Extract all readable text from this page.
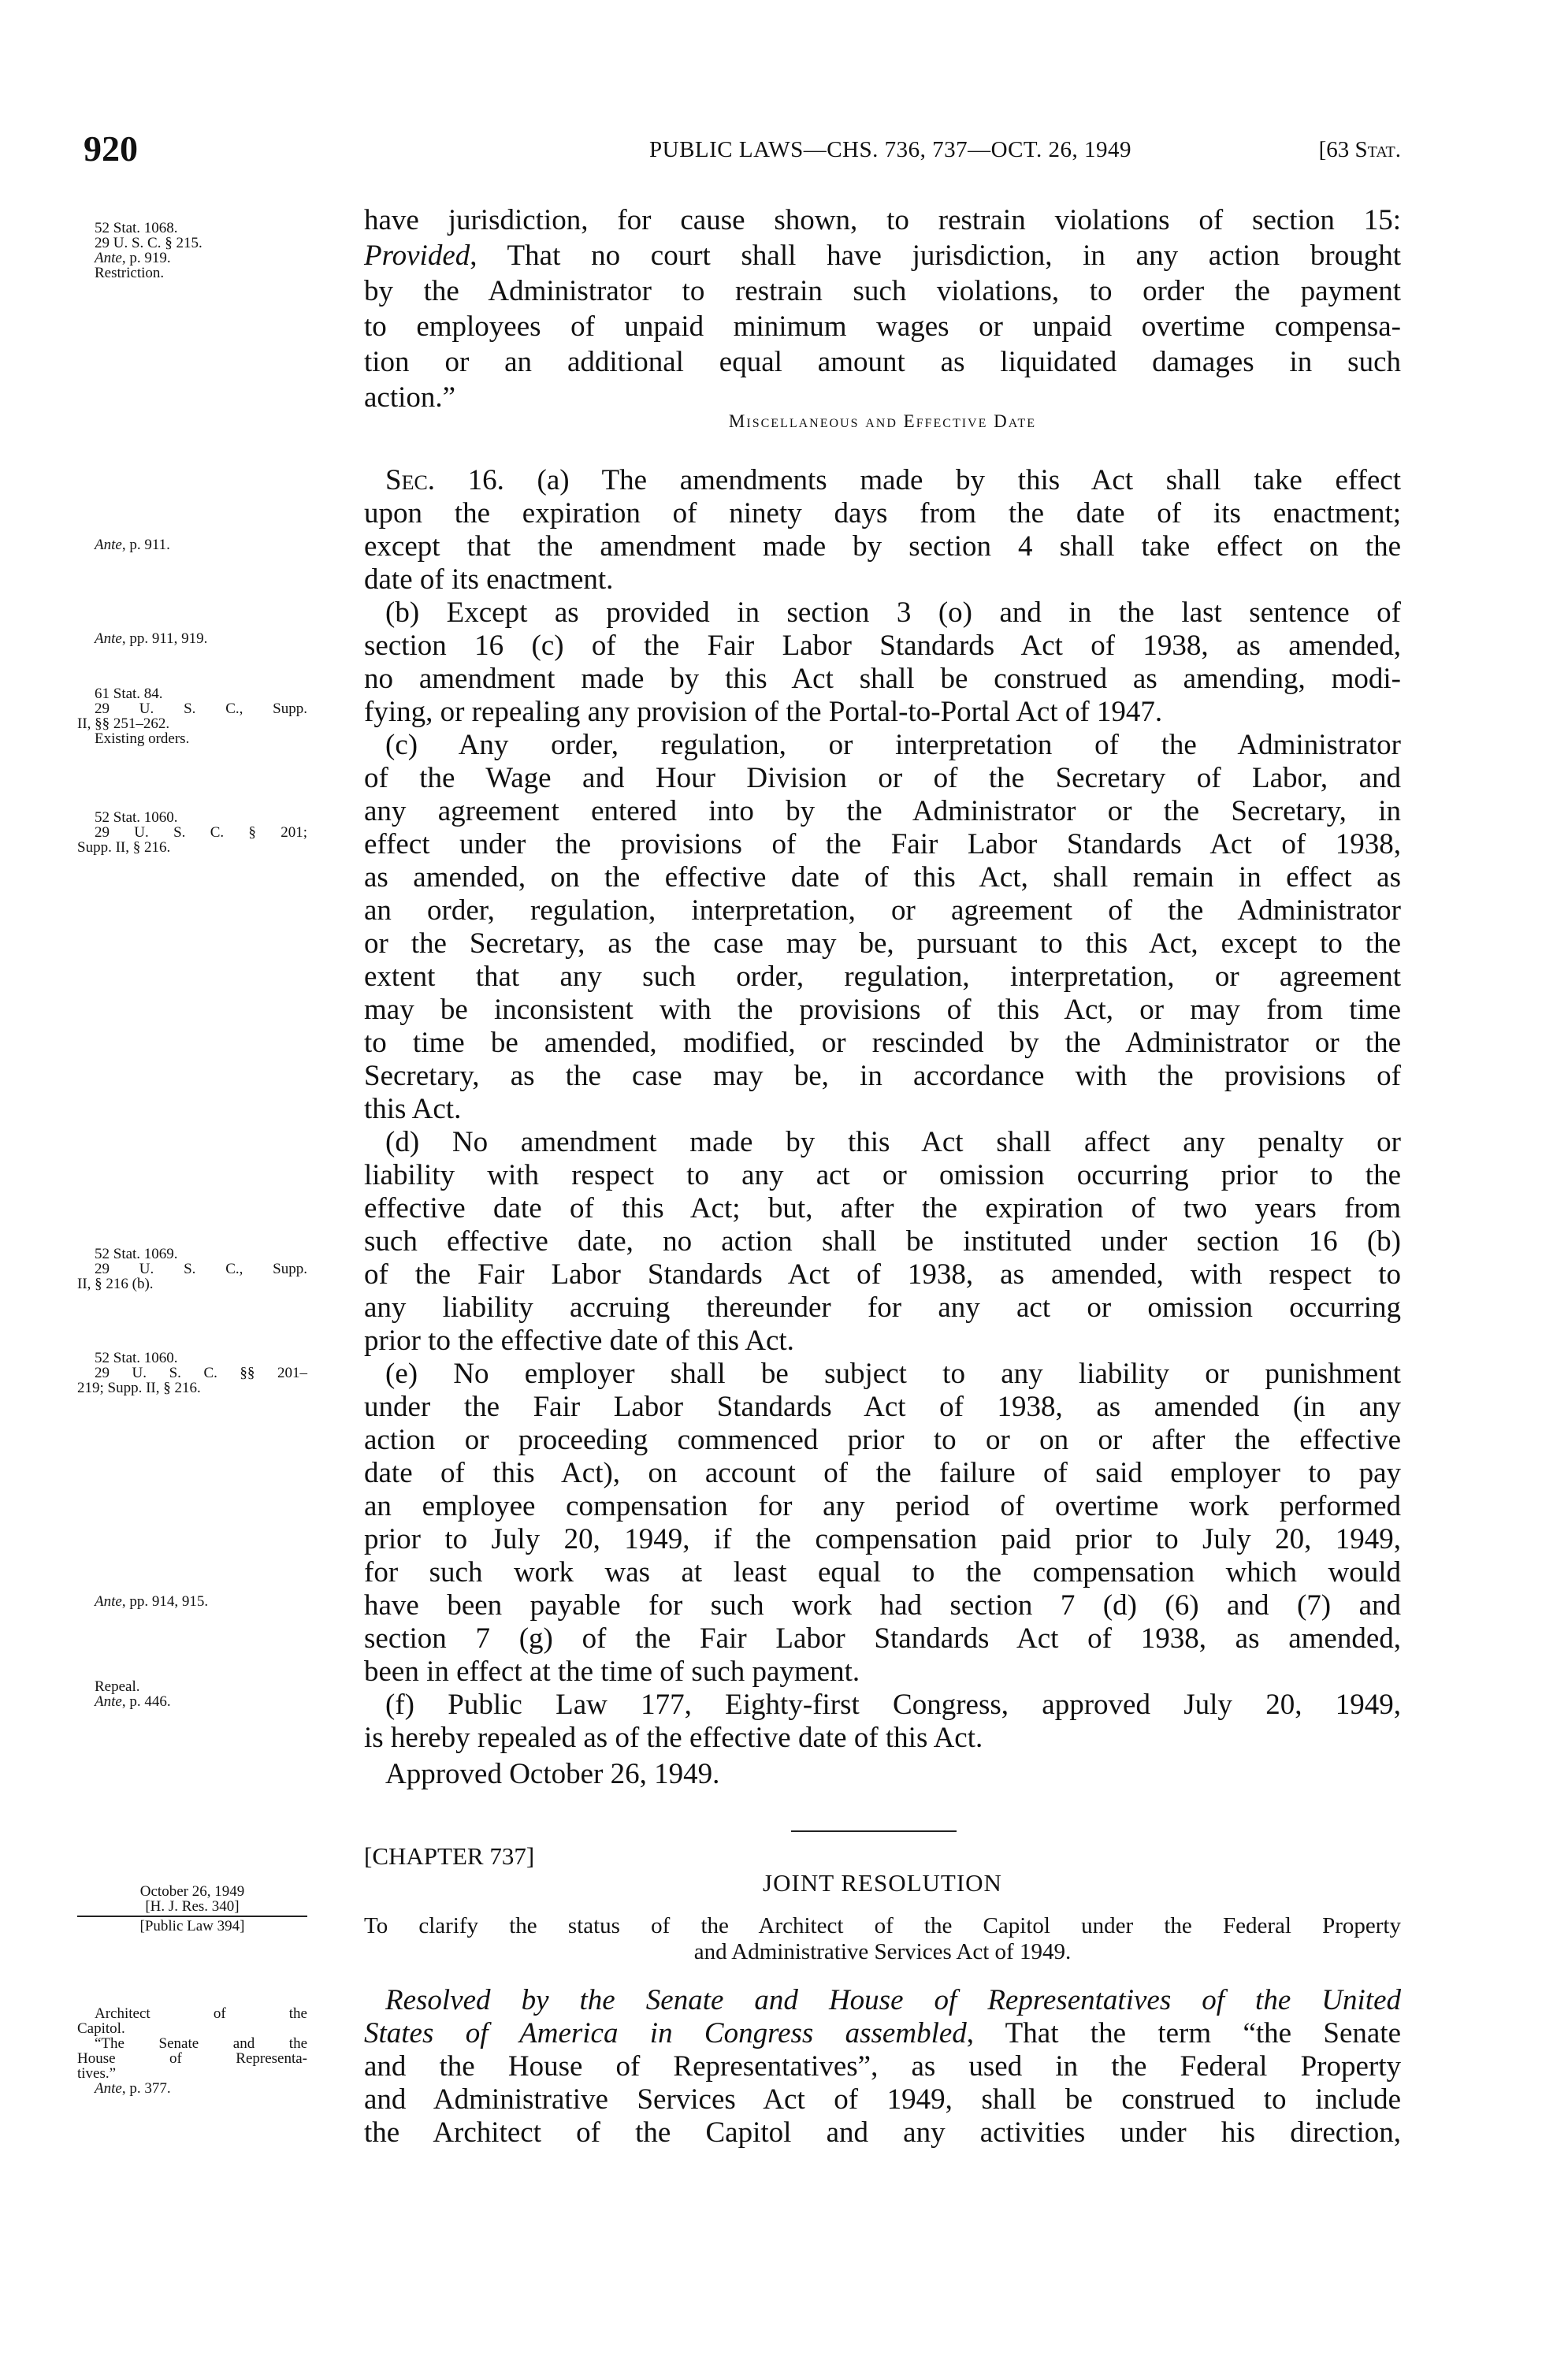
920	PUBLIC LAWS—CHS. 736, 737—OCT. 26, 1949	[63 Stat.
have jurisdiction, for cause shown, to restrain violations of section 15:
Provided, That no court shall have jurisdiction, in any action brought
by the Administrator to restrain such violations, to order the payment
to employees of unpaid minimum wages or unpaid overtime compensa-
tion or an additional equal amount as liquidated damages in such
action.”
Miscellaneous and Effective Date
Sec. 16. (a) The amendments made by this Act shall take effect
upon the expiration of ninety days from the date of its enactment;
except that the amendment made by section 4 shall take effect on the
date of its enactment.
(b) Except as provided in section 3 (o) and in the last sentence of
section 16 (c) of the Fair Labor Standards Act of 1938, as amended,
no amendment made by this Act shall be construed as amending, modi-
fying, or repealing any provision of the Portal-to-Portal Act of 1947.
(c) Any order, regulation, or interpretation of the Administrator
of the Wage and Hour Division or of the Secretary of Labor, and
any agreement entered into by the Administrator or the Secretary, in
effect under the provisions of the Fair Labor Standards Act of 1938,
as amended, on the effective date of this Act, shall remain in effect as
an order, regulation, interpretation, or agreement of the Administrator
or the Secretary, as the case may be, pursuant to this Act, except to the
extent that any such order, regulation, interpretation, or agreement
may be inconsistent with the provisions of this Act, or may from time
to time be amended, modified, or rescinded by the Administrator or the
Secretary, as the case may be, in accordance with the provisions of
this Act.
(d) No amendment made by this Act shall affect any penalty or
liability with respect to any act or omission occurring prior to the
effective date of this Act; but, after the expiration of two years from
such effective date, no action shall be instituted under section 16 (b)
of the Fair Labor Standards Act of 1938, as amended, with respect to
any liability accruing thereunder for any act or omission occurring
prior to the effective date of this Act.
(e) No employer shall be subject to any liability or punishment
under the Fair Labor Standards Act of 1938, as amended (in any
action or proceeding commenced prior to or on or after the effective
date of this Act), on account of the failure of said employer to pay
an employee compensation for any period of overtime work performed
prior to July 20, 1949, if the compensation paid prior to July 20, 1949,
for such work was at least equal to the compensation which would
have been payable for such work had section 7 (d) (6) and (7) and
section 7 (g) of the Fair Labor Standards Act of 1938, as amended,
been in effect at the time of such payment.
(f) Public Law 177, Eighty-first Congress, approved July 20, 1949,
is hereby repealed as of the effective date of this Act.
Approved October 26, 1949.
[CHAPTER 737]
JOINT RESOLUTION
To clarify the status of the Architect of the Capitol under the Federal Property
and Administrative Services Act of 1949.
Resolved by the Senate and House of Representatives of the United
States of America in Congress assembled, That the term “the Senate
and the House of Representatives”, as used in the Federal Property
and Administrative Services Act of 1949, shall be construed to include
the Architect of the Capitol and any activities under his direction,
52 Stat. 1068.
29 U. S. C. § 215.
Ante, p. 919.
Restriction.
Ante, p. 911.
Ante, pp. 911, 919.
61 Stat. 84.
29 U. S. C., Supp.
II, §§ 251–262.
Existing orders.
52 Stat. 1060.
29 U. S. C. § 201;
Supp. II, § 216.
52 Stat. 1069.
29 U. S. C., Supp.
II, § 216 (b).
52 Stat. 1060.
29 U. S. C. §§ 201–
219; Supp. II, § 216.
Ante, pp. 914, 915.
Repeal.
Ante, p. 446.
October 26, 1949
[H. J. Res. 340]
[Public Law 394]
Architect of the
Capitol.
“The Senate and the
House of Representa-
tives.”
Ante, p. 377.
